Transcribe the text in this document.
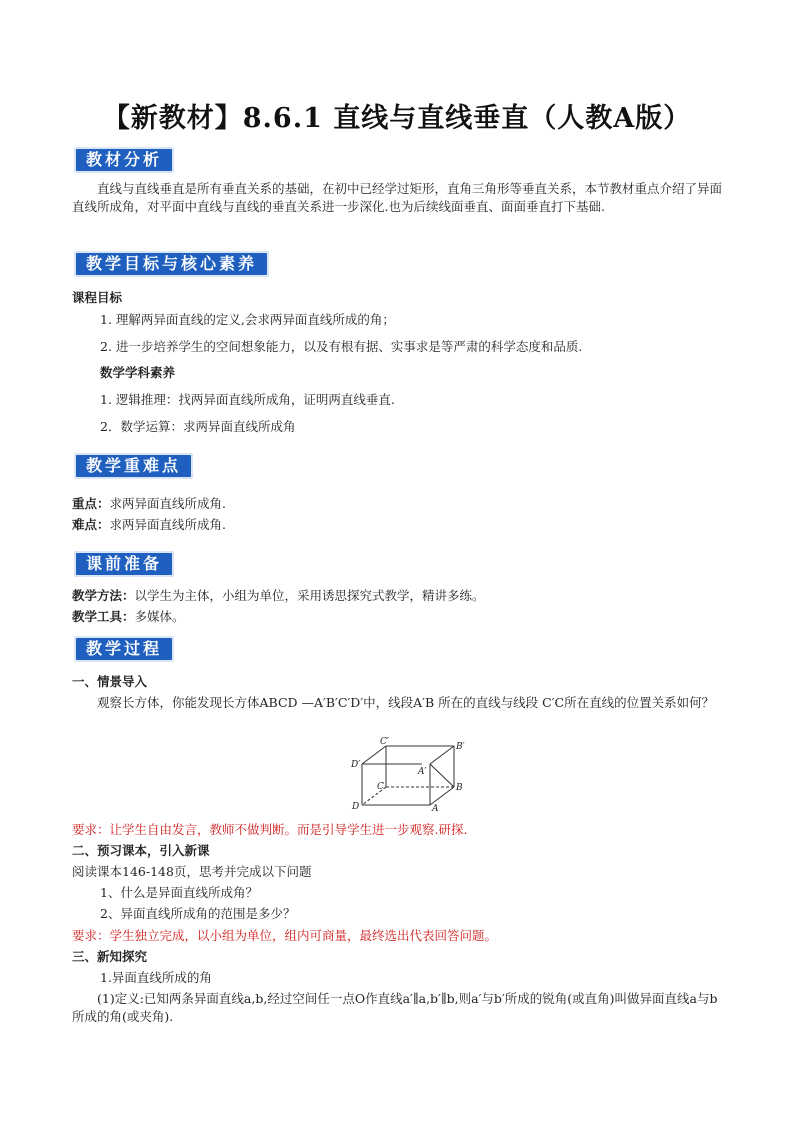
【新教材】8.6.1 直线与直线垂直（人教A版）
教材分析
直线与直线垂直是所有垂直关系的基础，在初中已经学过矩形，直角三角形等垂直关系，本节教材重点介绍了异面直线所成角，对平面中直线与直线的垂直关系进一步深化.也为后续线面垂直、面面垂直打下基础.
教学目标与核心素养
课程目标
1. 理解两异面直线的定义,会求两异面直线所成的角；
2. 进一步培养学生的空间想象能力，以及有根有据、实事求是等严肃的科学态度和品质.
数学学科素养
1. 逻辑推理：找两异面直线所成角，证明两直线垂直.
2．数学运算：求两异面直线所成角
教学重难点
重点：求两异面直线所成角.
难点：求两异面直线所成角.
课前准备
教学方法：以学生为主体，小组为单位，采用诱思探究式教学，精讲多练。
教学工具：多媒体。
教学过程
一、情景导入
观察长方体，你能发现长方体ABCD —A′B′C′D′中，线段A′B 所在的直线与线段 C′C所在直线的位置关系如何？
C′	B′
D′
A′
C	B
D	A
要求：让学生自由发言，教师不做判断。而是引导学生进一步观察.研探.
二、预习课本，引入新课
阅读课本146-148页，思考并完成以下问题
1、什么是异面直线所成角？
2、异面直线所成角的范围是多少？
要求：学生独立完成，以小组为单位，组内可商量，最终选出代表回答问题。
三、新知探究
1.异面直线所成的角
(1)定义:已知两条异面直线a,b,经过空间任一点O作直线a′∥a,b′∥b,则a′与b′所成的锐角(或直角)叫做异面直线a与b所成的角(或夹角).
